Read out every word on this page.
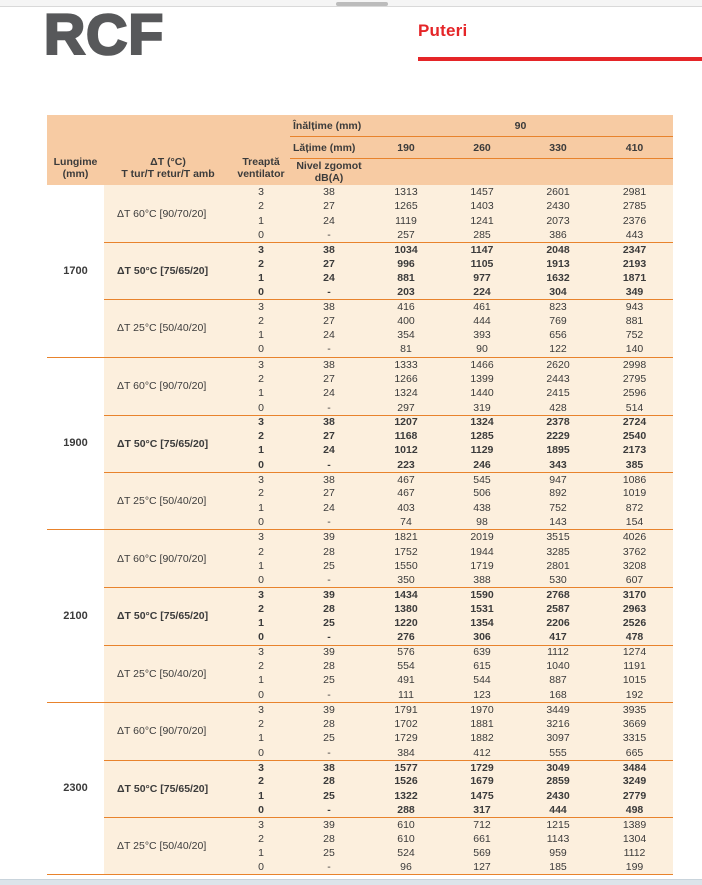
RCF	Puteri
Lungime
(mm)
ΔT (°C)
T tur/T retur/T amb
Treaptă
ventilator
Înălțime (mm)	90
Lățime (mm)	190	260	330	410
Nivel zgomot
dB(A)
1700
ΔT 60°C [90/70/20]
3	38	1313	1457	2601	2981
2	27	1265	1403	2430	2785
1	24	1119	1241	2073	2376
0	-	257	285	386	443
ΔT 50°C [75/65/20]
3	38	1034	1147	2048	2347
2	27	996	1105	1913	2193
1	24	881	977	1632	1871
0	-	203	224	304	349
ΔT 25°C [50/40/20]
3	38	416	461	823	943
2	27	400	444	769	881
1	24	354	393	656	752
0	-	81	90	122	140
1900
ΔT 60°C [90/70/20]
3	38	1333	1466	2620	2998
2	27	1266	1399	2443	2795
1	24	1324	1440	2415	2596
0	-	297	319	428	514
ΔT 50°C [75/65/20]
3	38	1207	1324	2378	2724
2	27	1168	1285	2229	2540
1	24	1012	1129	1895	2173
0	-	223	246	343	385
ΔT 25°C [50/40/20]
3	38	467	545	947	1086
2	27	467	506	892	1019
1	24	403	438	752	872
0	-	74	98	143	154
2100
ΔT 60°C [90/70/20]
3	39	1821	2019	3515	4026
2	28	1752	1944	3285	3762
1	25	1550	1719	2801	3208
0	-	350	388	530	607
ΔT 50°C [75/65/20]
3	39	1434	1590	2768	3170
2	28	1380	1531	2587	2963
1	25	1220	1354	2206	2526
0	-	276	306	417	478
ΔT 25°C [50/40/20]
3	39	576	639	1112	1274
2	28	554	615	1040	1191
1	25	491	544	887	1015
0	-	111	123	168	192
2300
ΔT 60°C [90/70/20]
3	39	1791	1970	3449	3935
2	28	1702	1881	3216	3669
1	25	1729	1882	3097	3315
0	-	384	412	555	665
ΔT 50°C [75/65/20]
3	38	1577	1729	3049	3484
2	28	1526	1679	2859	3249
1	25	1322	1475	2430	2779
0	-	288	317	444	498
ΔT 25°C [50/40/20]
3	39	610	712	1215	1389
2	28	610	661	1143	1304
1	25	524	569	959	1112
0	-	96	127	185	199
